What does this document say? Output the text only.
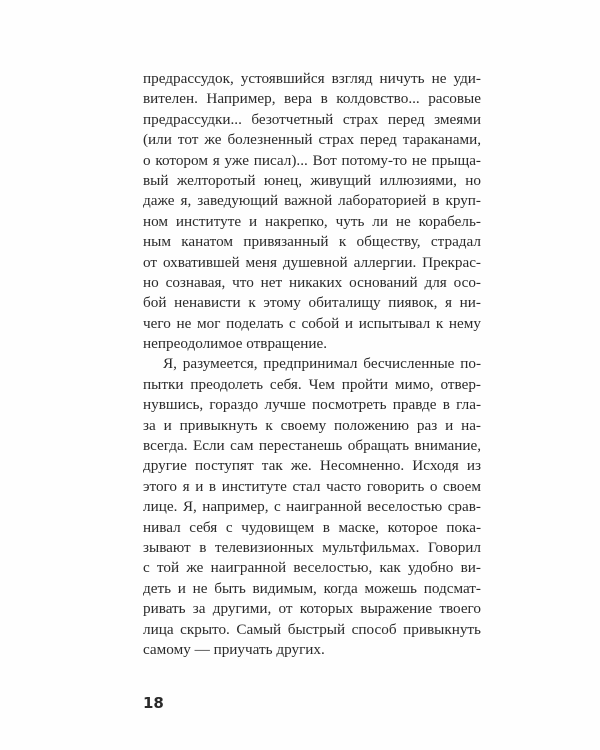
предрассудок, устоявшийся взгляд ничуть не уди-
вителен. Например, вера в колдовство... расовые
предрассудки... безотчетный страх перед змеями
(или тот же болезненный страх перед тараканами,
о котором я уже писал)... Вот потому-то не прыща-
вый желторотый юнец, живущий иллюзиями, но
даже я, заведующий важной лабораторией в круп-
ном институте и накрепко, чуть ли не корабель-
ным канатом привязанный к обществу, страдал
от охватившей меня душевной аллергии. Прекрас-
но сознавая, что нет никаких оснований для осо-
бой ненависти к этому обиталищу пиявок, я ни-
чего не мог поделать с собой и испытывал к нему
непреодолимое отвращение.
Я, разумеется, предпринимал бесчисленные по-
пытки преодолеть себя. Чем пройти мимо, отвер-
нувшись, гораздо лучше посмотреть правде в гла-
за и привыкнуть к своему положению раз и на-
всегда. Если сам перестанешь обращать внимание,
другие поступят так же. Несомненно. Исходя из
этого я и в институте стал часто говорить о своем
лице. Я, например, с наигранной веселостью срав-
нивал себя с чудовищем в маске, которое пока-
зывают в телевизионных мультфильмах. Говорил
с той же наигранной веселостью, как удобно ви-
деть и не быть видимым, когда можешь подсмат-
ривать за другими, от которых выражение твоего
лица скрыто. Самый быстрый способ привыкнуть
самому — приучать других.
18
